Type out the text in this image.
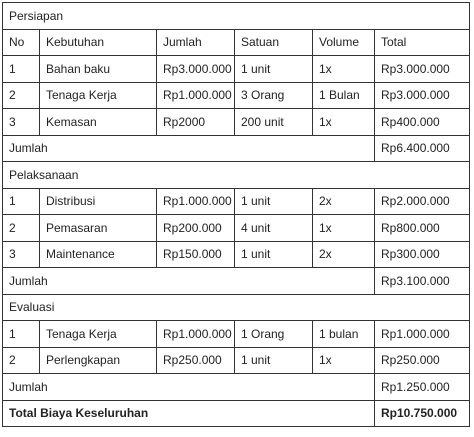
Persiapan					
No	Kebutuhan	Jumlah	Satuan	Volume	Total
1	Bahan baku	Rp3.000.000	1 unit	1x	Rp3.000.000
2	Tenaga Kerja	Rp1.000.000	3 Orang	1 Bulan	Rp3.000.000
3	Kemasan	Rp2000	200 unit	1x	Rp400.000
Jumlah					Rp6.400.000
Pelaksanaan					
1	Distribusi	Rp1.000.000	1 unit	2x	Rp2.000.000
2	Pemasaran	Rp200.000	4 unit	1x	Rp800.000
3	Maintenance	Rp150.000	1 unit	2x	Rp300.000
Jumlah					Rp3.100.000
Evaluasi					
1	Tenaga Kerja	Rp1.000.000	1 Orang	1 bulan	Rp1.000.000
2	Perlengkapan	Rp250.000	1 unit	1x	Rp250.000
Jumlah					Rp1.250.000
Total Biaya Keseluruhan					Rp10.750.000
